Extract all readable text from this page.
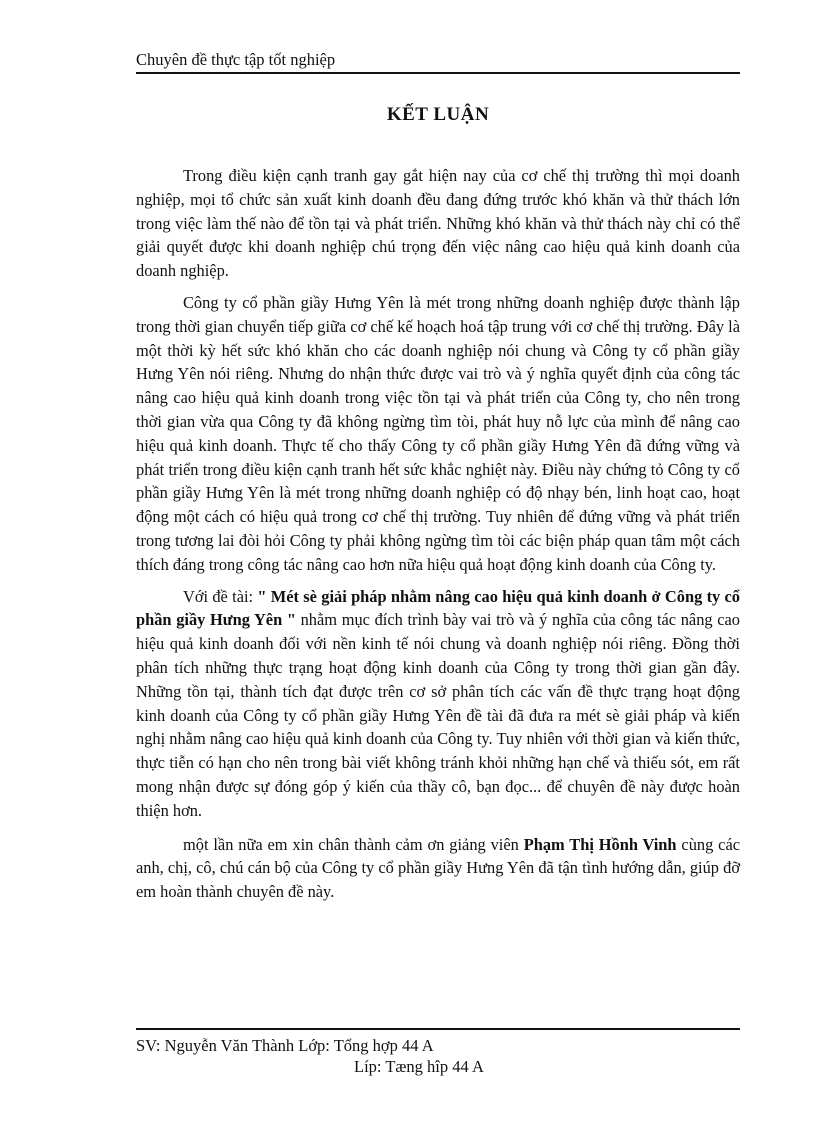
Chuyên đề thực tập tốt nghiệp
KẾT LUẬN

Trong điều kiện cạnh tranh gay gắt hiện nay của cơ chế thị trường thì mọi doanh nghiệp, mọi tổ chức sản xuất kinh doanh đều đang đứng trước khó khăn và thử thách lớn trong việc làm thế nào để tồn tại và phát triển. Những khó khăn và thử thách này chỉ có thể giải quyết được khi doanh nghiệp chú trọng đến việc nâng cao hiệu quả kinh doanh của doanh nghiệp.

Công ty cổ phần giầy Hưng Yên là mét trong những doanh nghiệp được thành lập trong thời gian chuyển tiếp giữa cơ chế kế hoạch hoá tập trung với cơ chế thị trường. Đây là một thời kỳ hết sức khó khăn cho các doanh nghiệp nói chung và Công ty cổ phần giầy Hưng Yên nói riêng. Nhưng do nhận thức được vai trò và ý nghĩa quyết định của công tác nâng cao hiệu quả kinh doanh trong việc tồn tại và phát triển của Công ty, cho nên trong thời gian vừa qua Công ty đã không ngừng tìm tòi, phát huy nỗ lực của mình để nâng cao hiệu quả kinh doanh. Thực tế cho thấy Công ty cổ phần giầy Hưng Yên đã đứng vững và phát triển trong điều kiện cạnh tranh hết sức khắc nghiệt này. Điều này chứng tỏ Công ty cổ phần giầy Hưng Yên là mét trong những doanh nghiệp có độ nhạy bén, linh hoạt cao, hoạt động một cách có hiệu quả trong cơ chế thị trường. Tuy nhiên để đứng vững và phát triển trong tương lai đòi hỏi Công ty phải không ngừng tìm tòi các biện pháp quan tâm một cách thích đáng trong công tác nâng cao hơn nữa hiệu quả hoạt động kinh doanh của Công ty.

Với đề tài: " Mét sè giải pháp nhằm nâng cao hiệu quả kinh doanh ở Công ty cổ phần giầy Hưng Yên " nhằm mục đích trình bày vai trò và ý nghĩa của công tác nâng cao hiệu quả kinh doanh đối với nền kinh tế nói chung và doanh nghiệp nói riêng. Đồng thời phân tích những thực trạng hoạt động kinh doanh của Công ty trong thời gian gần đây. Những tồn tại, thành tích đạt được trên cơ sở phân tích các vấn đề thực trạng hoạt động kinh doanh của Công ty cổ phần giầy Hưng Yên đề tài đã đưa ra mét sè giải pháp và kiến nghị nhằm nâng cao hiệu quả kinh doanh của Công ty. Tuy nhiên với thời gian và kiến thức, thực tiễn có hạn cho nên trong bài viết không tránh khỏi những hạn chế và thiếu sót, em rất mong nhận được sự đóng góp ý kiến của thầy cô, bạn đọc... để chuyên đề này được hoàn thiện hơn.

một lần nữa em xin chân thành cảm ơn giảng viên Phạm Thị Hồnh Vinh cùng các anh, chị, cô, chú cán bộ của Công ty cổ phần giầy Hưng Yên đã tận tình hướng dẫn, giúp đỡ em hoàn thành chuyên đề này.

SV: Nguyễn Văn Thành Lớp: Tổng hợp 44 A
Líp: Tæng hîp 44 A
